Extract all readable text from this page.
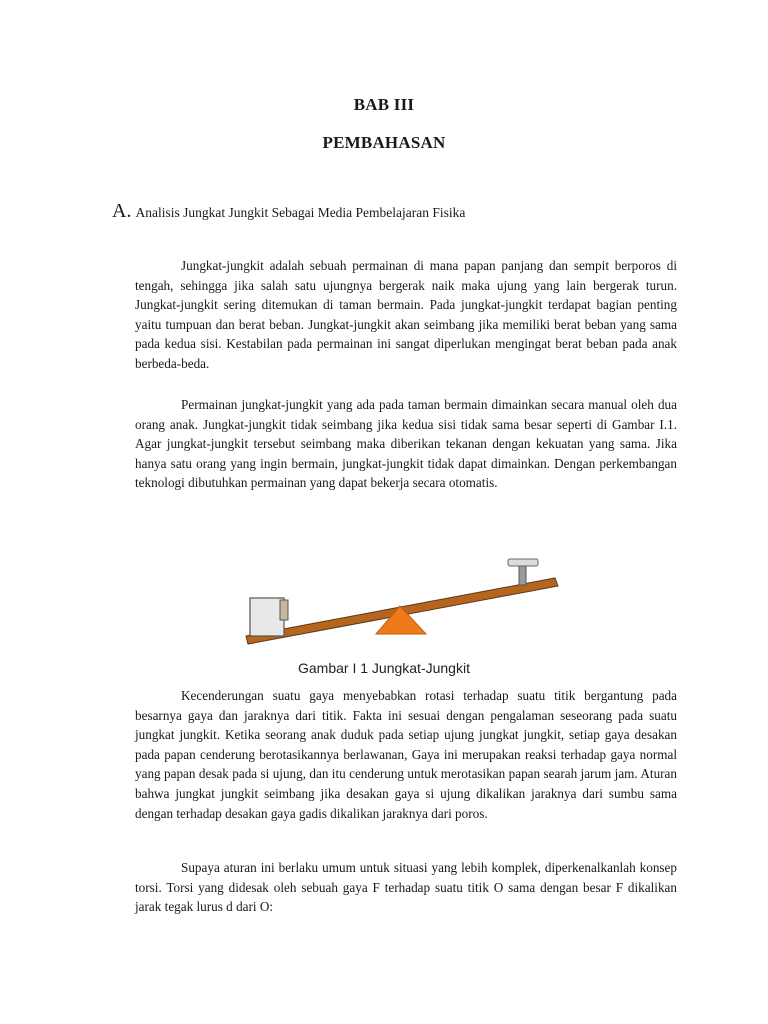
BAB III
PEMBAHASAN
A. Analisis Jungkat Jungkit Sebagai Media Pembelajaran Fisika

Jungkat-jungkit adalah sebuah permainan di mana papan panjang dan sempit berporos di tengah, sehingga jika salah satu ujungnya bergerak naik maka ujung yang lain bergerak turun. Jungkat-jungkit sering ditemukan di taman bermain. Pada jungkat-jungkit terdapat bagian penting yaitu tumpuan dan berat beban. Jungkat-jungkit akan seimbang jika memiliki berat beban yang sama pada kedua sisi. Kestabilan pada permainan ini sangat diperlukan mengingat berat beban pada anak berbeda-beda.

Permainan jungkat-jungkit yang ada pada taman bermain dimainkan secara manual oleh dua orang anak. Jungkat-jungkit tidak seimbang jika kedua sisi tidak sama besar seperti di Gambar I.1. Agar jungkat-jungkit tersebut seimbang maka diberikan tekanan dengan kekuatan yang sama. Jika hanya satu orang yang ingin bermain, jungkat-jungkit tidak dapat dimainkan. Dengan perkembangan teknologi dibutuhkan permainan yang dapat bekerja secara otomatis.

Gambar I 1 Jungkat-Jungkit

Kecenderungan suatu gaya menyebabkan rotasi terhadap suatu titik bergantung pada besarnya gaya dan jaraknya dari titik. Fakta ini sesuai dengan pengalaman seseorang pada suatu jungkat jungkit. Ketika seorang anak duduk pada setiap ujung jungkat jungkit, setiap gaya desakan pada papan cenderung berotasikannya berlawanan, Gaya ini merupakan reaksi terhadap gaya normal yang papan desak pada si ujung, dan itu cenderung untuk merotasikan papan searah jarum jam. Aturan bahwa jungkat jungkit seimbang jika desakan gaya si ujung dikalikan jaraknya dari sumbu sama dengan terhadap desakan gaya gadis dikalikan jaraknya dari poros.

Supaya aturan ini berlaku umum untuk situasi yang lebih komplek, diperkenalkanlah konsep torsi. Torsi yang didesak oleh sebuah gaya F terhadap suatu titik O sama dengan besar F dikalikan jarak tegak lurus d dari O:
